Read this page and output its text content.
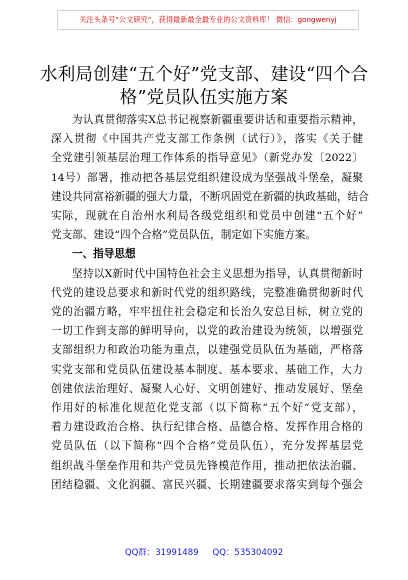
关注头条号“公文研究”，获得最新最全最专业的公文资料库！ 微信：gongwenyj
水利局创建“五个好”党支部、建设“四个合
格”党员队伍实施方案
为认真贯彻落实X总书记视察新疆重要讲话和重要指示精神，
深入贯彻《中国共产党支部工作条例（试行）》，落实《关于健
全党建引领基层治理工作体系的指导意见》（新党办发〔2022〕
14号）部署，推动把各基层党组织建设成为坚强战斗堡垒，凝聚
建设共同富裕新疆的强大力量，不断巩固党在新疆的执政基础，结合
实际，现就在自治州水利局各级党组织和党员中创建“五个好”
党支部、建设“四个合格”党员队伍，制定如下实施方案。
一、指导思想
坚持以X新时代中国特色社会主义思想为指导，认真贯彻新时
代党的建设总要求和新时代党的组织路线，完整准确贯彻新时代
党的治疆方略，牢牢扭住社会稳定和长治久安总目标，树立党的
一切工作到支部的鲜明导向，以党的政治建设为统领，以增强党
支部组织力和政治功能为重点，以建强党员队伍为基础，严格落
实党支部和党员队伍建设基本制度、基本要求、基础工作，大力
创建依法治理好、凝聚人心好、文明创建好、推动发展好、堡垒
作用好的标准化规范化党支部（以下简称“五个好”党支部），
着力建设政治合格、执行纪律合格、品德合格、发挥作用合格的
党员队伍（以下简称“四个合格”党员队伍），充分发挥基层党
组织战斗堡垒作用和共产党员先锋模范作用，推动把依法治疆、
团结稳疆、文化润疆、富民兴疆、长期建疆要求落实到每个强会
QQ群：31991489 QQ：535304092
